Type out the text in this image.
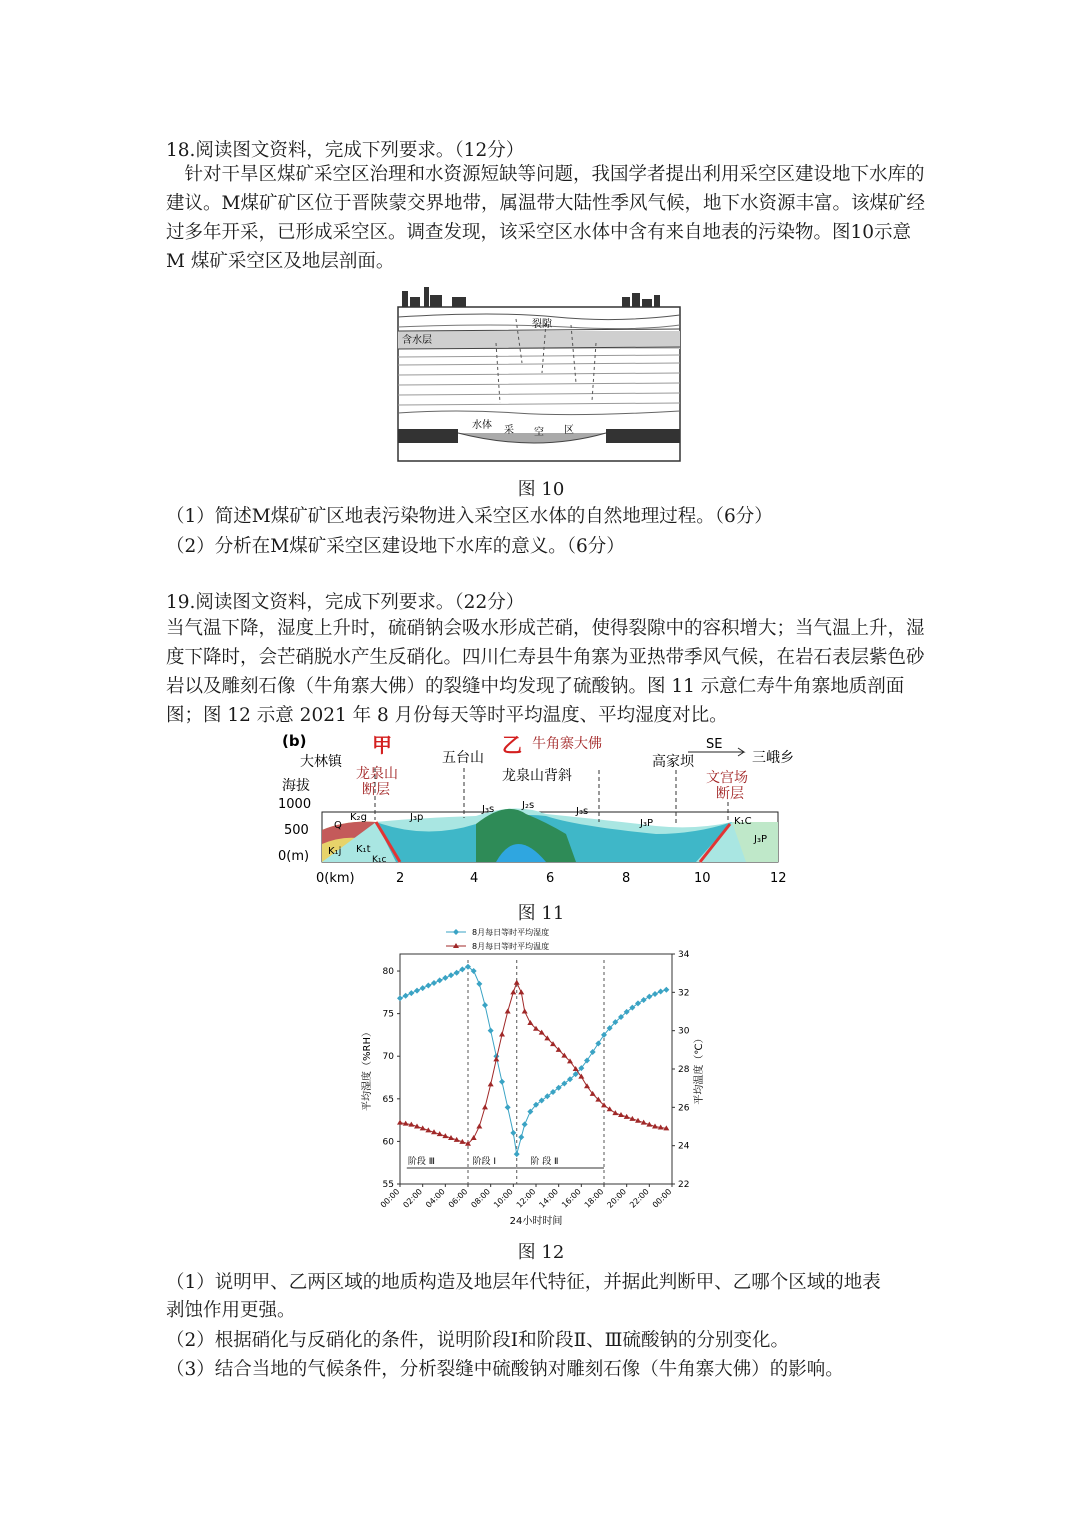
18.阅读图文资料，完成下列要求。（12分）

　针对干旱区煤矿采空区治理和水资源短缺等问题，我国学者提出利用采空区建设地下水库的建议。M煤矿矿区位于晋陕蒙交界地带，属温带大陆性季风气候，地下水资源丰富。该煤矿经过多年开采，已形成采空区。调查发现，该采空区水体中含有来自地表的污染物。图10示意 M 煤矿采空区及地层剖面。

裂隙
含水层
煤层	水体 采 空 区
图 10
（1）简述M煤矿矿区地表污染物进入采空区水体的自然地理过程。（6分）
（2）分析在M煤矿采空区建设地下水库的意义。（6分）
19.阅读图文资料，完成下列要求。（22分）

当气温下降，湿度上升时，硫硝钠会吸水形成芒硝，使得裂隙中的容积增大；当气温上升，湿度下降时，会芒硝脱水产生反硝化。四川仁寿县牛角寨为亚热带季风气候，在岩石表层紫色砂岩以及雕刻石像（牛角寨大佛）的裂缝中均发现了硫酸钠。图 11 示意仁寿牛角寨地质剖面图；图 12 示意 2021 年 8 月份每天等时平均温度、平均湿度对比。

(b)	甲	乙
大林镇
龙泉山
断层
五台山
牛角寨大佛
龙泉山背斜
SE
高家坝
文宫场
断层
三峨乡
海拔
1000
500
0(m)
Q
K₂g
K₁j K₁t
K₁c
J₃p
J₃s	J₂s
J₃s
J₃P	K₁C
J₃P
0(km)	2	4	6	8	10	12
图 11
8月每日等时平均湿度
8月每日等时平均温度
55
60
65
70
75
80
22
24
26
28
30
32
34
00:00 02:00 04:00 06:00 08:00 10:00 12:00 14:00 16:00 18:00 20:00 22:00 00:00
24小时时间
平均湿度（%RH）	平均温度（℃）
阶段 Ⅲ	阶段 Ⅰ	阶 段 Ⅱ
图 12
（1）说明甲、乙两区域的地质构造及地层年代特征，并据此判断甲、乙哪个区域的地表
剥蚀作用更强。
（2）根据硝化与反硝化的条件，说明阶段Ⅰ和阶段Ⅱ、Ⅲ硫酸钠的分别变化。
（3）结合当地的气候条件，分析裂缝中硫酸钠对雕刻石像（牛角寨大佛）的影响。
